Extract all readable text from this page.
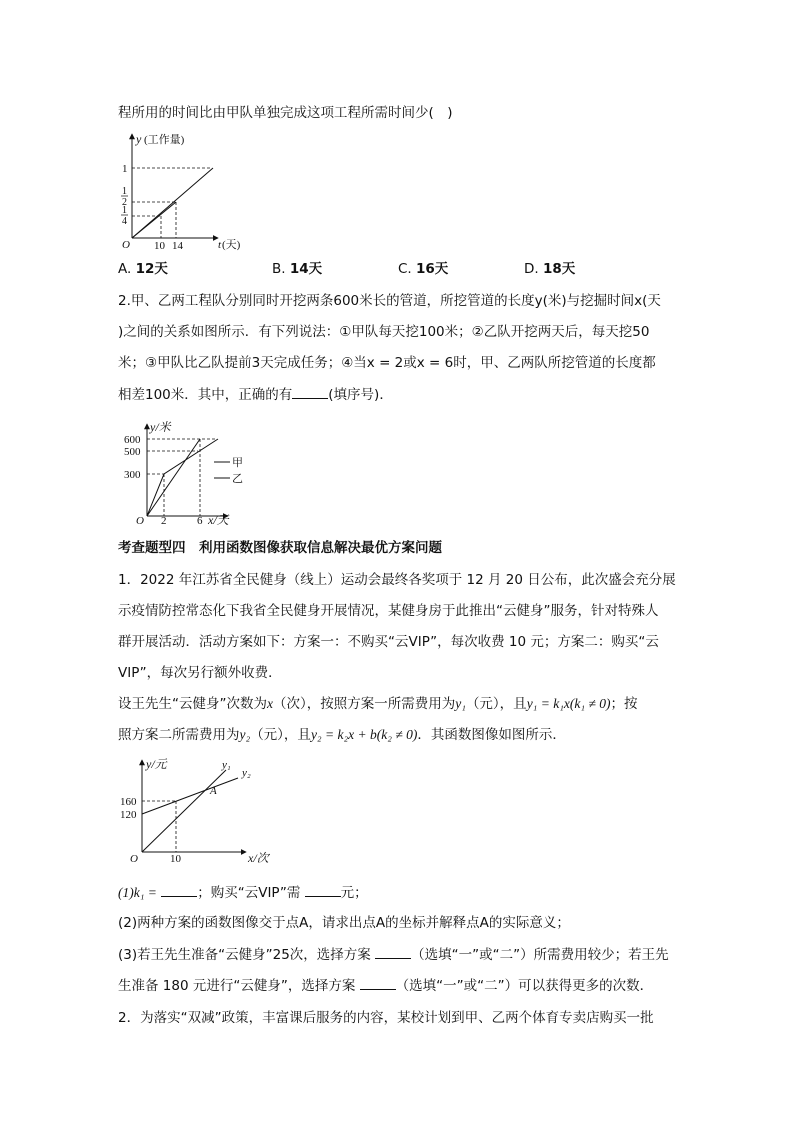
程所用的时间比由甲队单独完成这项工程所需时间少(　)
y (工作量)
1
1
2
1
4
O 10 14	t (天)
A. 12天	B. 14天	C. 16天	D. 18天
2.甲、乙两工程队分别同时开挖两条600米长的管道，所挖管道的长度y(米)与挖掘时间x(天
)之间的关系如图所示．有下列说法：①甲队每天挖100米；②乙队开挖两天后，每天挖50
米；③甲队比乙队提前3天完成任务；④当x = 2或x = 6时，甲、乙两队所挖管道的长度都
相差100米．其中，正确的有	(填序号)．
y/米
600
500
300
O 2	6 x/天
甲
乙
考查题型四　利用函数图像获取信息解决最优方案问题
1．2022 年江苏省全民健身（线上）运动会最终各奖项于 12 月 20 日公布，此次盛会充分展
示疫情防控常态化下我省全民健身开展情况，某健身房于此推出“云健身”服务，针对特殊人
群开展活动．活动方案如下：方案一：不购买“云VIP”，每次收费 10 元；方案二：购买“云
VIP”，每次另行额外收费．
设王先生“云健身”次数为x（次），按照方案一所需费用为y₁（元），且y₁ = k₁x(k₁ ≠ 0)；按
照方案二所需费用为y₂（元），且y₂ = k₂x + b(k₂ ≠ 0)．其函数图像如图所示．
y/元
160
120
O	10	x/次
y₁
y₂
A
(1)k₁ =	；购买“云VIP”需	元；
(2)两种方案的函数图像交于点A，请求出点A的坐标并解释点A的实际意义；
(3)若王先生准备“云健身”25次，选择方案	（选填“一”或“二”）所需费用较少；若王先
生准备 180 元进行“云健身”，选择方案	（选填“一”或“二”）可以获得更多的次数．
2．为落实“双减”政策，丰富课后服务的内容，某校计划到甲、乙两个体育专卖店购买一批
